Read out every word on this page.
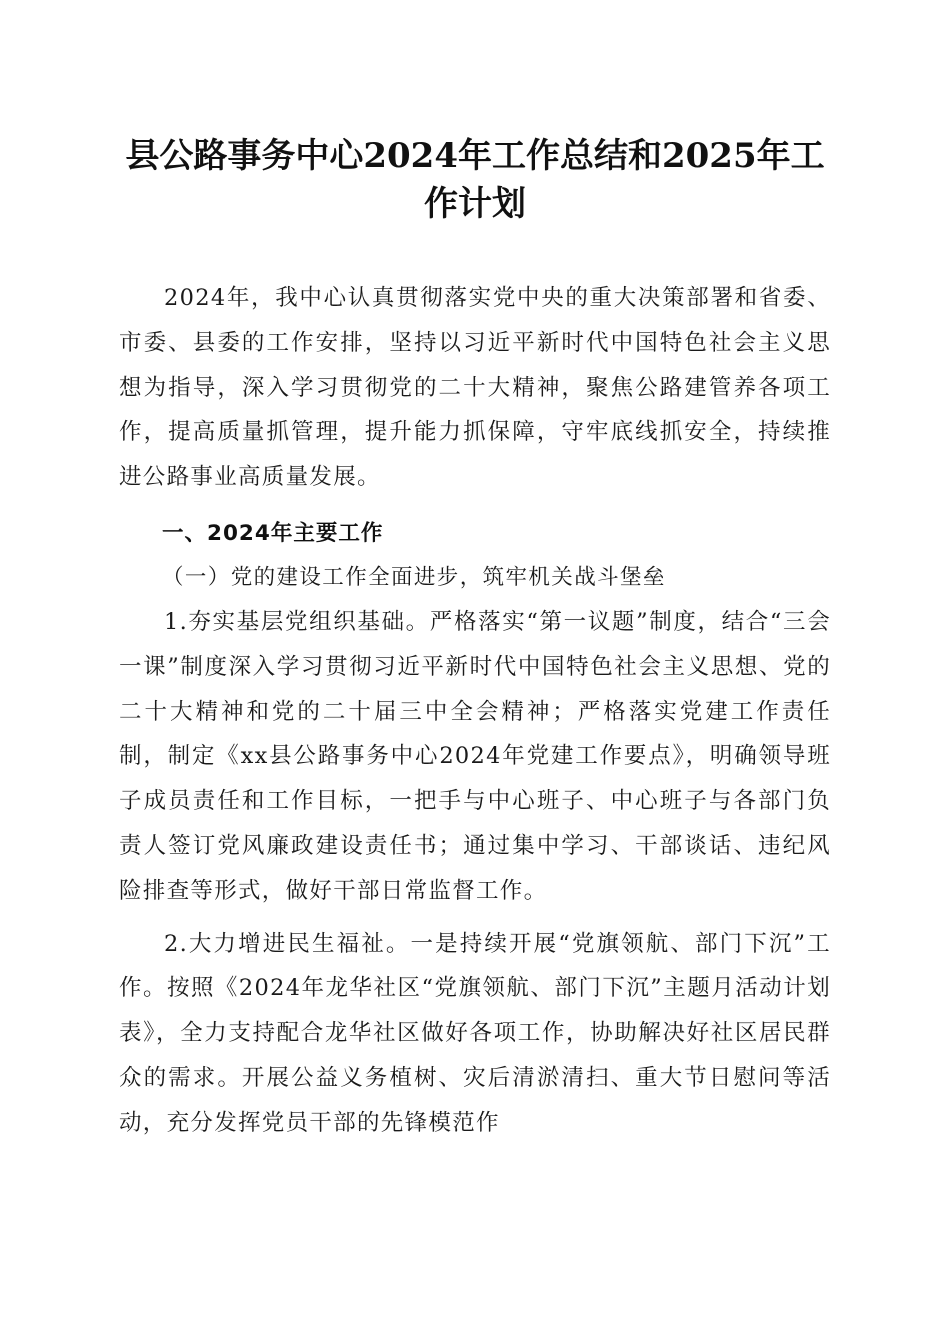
县公路事务中心2024年工作总结和2025年工作计划

2024年，我中心认真贯彻落实党中央的重大决策部署和省委、市委、县委的工作安排，坚持以习近平新时代中国特色社会主义思想为指导，深入学习贯彻党的二十大精神，聚焦公路建管养各项工作，提高质量抓管理，提升能力抓保障，守牢底线抓安全，持续推进公路事业高质量发展。

一、2024年主要工作

（一）党的建设工作全面进步，筑牢机关战斗堡垒

1.夯实基层党组织基础。严格落实“第一议题”制度，结合“三会一课”制度深入学习贯彻习近平新时代中国特色社会主义思想、党的二十大精神和党的二十届三中全会精神；严格落实党建工作责任制，制定《xx县公路事务中心2024年党建工作要点》，明确领导班子成员责任和工作目标，一把手与中心班子、中心班子与各部门负责人签订党风廉政建设责任书；通过集中学习、干部谈话、违纪风险排查等形式，做好干部日常监督工作。

2.大力增进民生福祉。一是持续开展“党旗领航、部门下沉”工作。按照《2024年龙华社区“党旗领航、部门下沉”主题月活动计划表》，全力支持配合龙华社区做好各项工作，协助解决好社区居民群众的需求。开展公益义务植树、灾后清淤清扫、重大节日慰问等活动，充分发挥党员干部的先锋模范作
